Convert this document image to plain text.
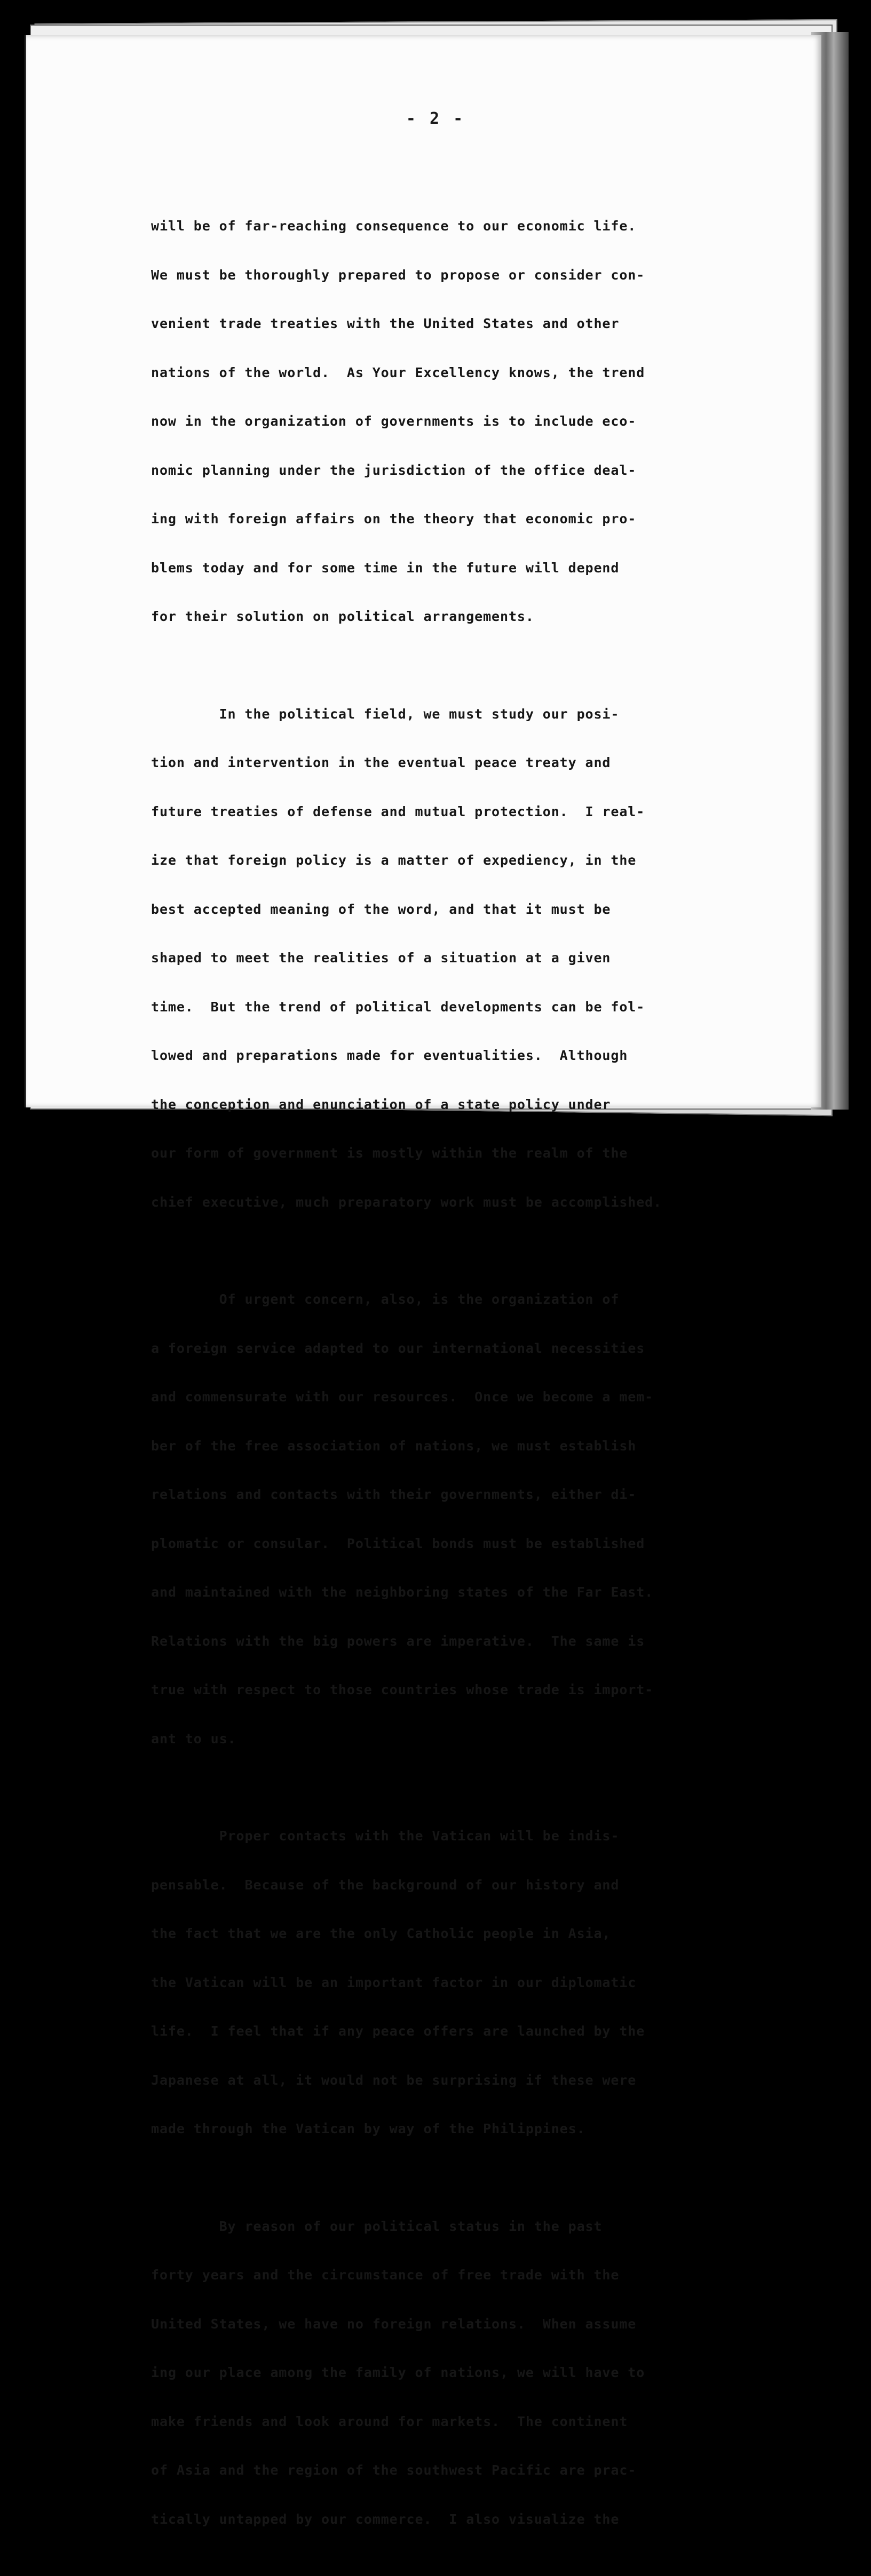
- 2 -

will be of far-reaching consequence to our economic life.

We must be thoroughly prepared to propose or consider con-

venient trade treaties with the United States and other

nations of the world.  As Your Excellency knows, the trend

now in the organization of governments is to include eco-

nomic planning under the jurisdiction of the office deal-

ing with foreign affairs on the theory that economic pro-

blems today and for some time in the future will depend

for their solution on political arrangements.

In the political field, we must study our posi-

tion and intervention in the eventual peace treaty and

future treaties of defense and mutual protection.  I real-

ize that foreign policy is a matter of expediency, in the

best accepted meaning of the word, and that it must be

shaped to meet the realities of a situation at a given

time.  But the trend of political developments can be fol-

lowed and preparations made for eventualities.  Although

the conception and enunciation of a state policy under

our form of government is mostly within the realm of the

chief executive, much preparatory work must be accomplished.

Of urgent concern, also, is the organization of

a foreign service adapted to our international necessities

and commensurate with our resources.  Once we become a mem-

ber of the free association of nations, we must establish

relations and contacts with their governments, either di-

plomatic or consular.  Political bonds must be established

and maintained with the neighboring states of the Far East.

Relations with the big powers are imperative.  The same is

true with respect to those countries whose trade is import-

ant to us.

Proper contacts with the Vatican will be indis-

pensable.  Because of the background of our history and

the fact that we are the only Catholic people in Asia,

the Vatican will be an important factor in our diplomatic

life.  I feel that if any peace offers are launched by the

Japanese at all, it would not be surprising if these were

made through the Vatican by way of the Philippines.

By reason of our political status in the past

forty years and the circumstance of free trade with the

United States, we have no foreign relations.  When assume

ing our place among the family of nations, we will have to

make friends and look around for markets.  The continent

of Asia and the region of the southwest Pacific are prac-

tically untapped by our commerce.  I also visualize the
